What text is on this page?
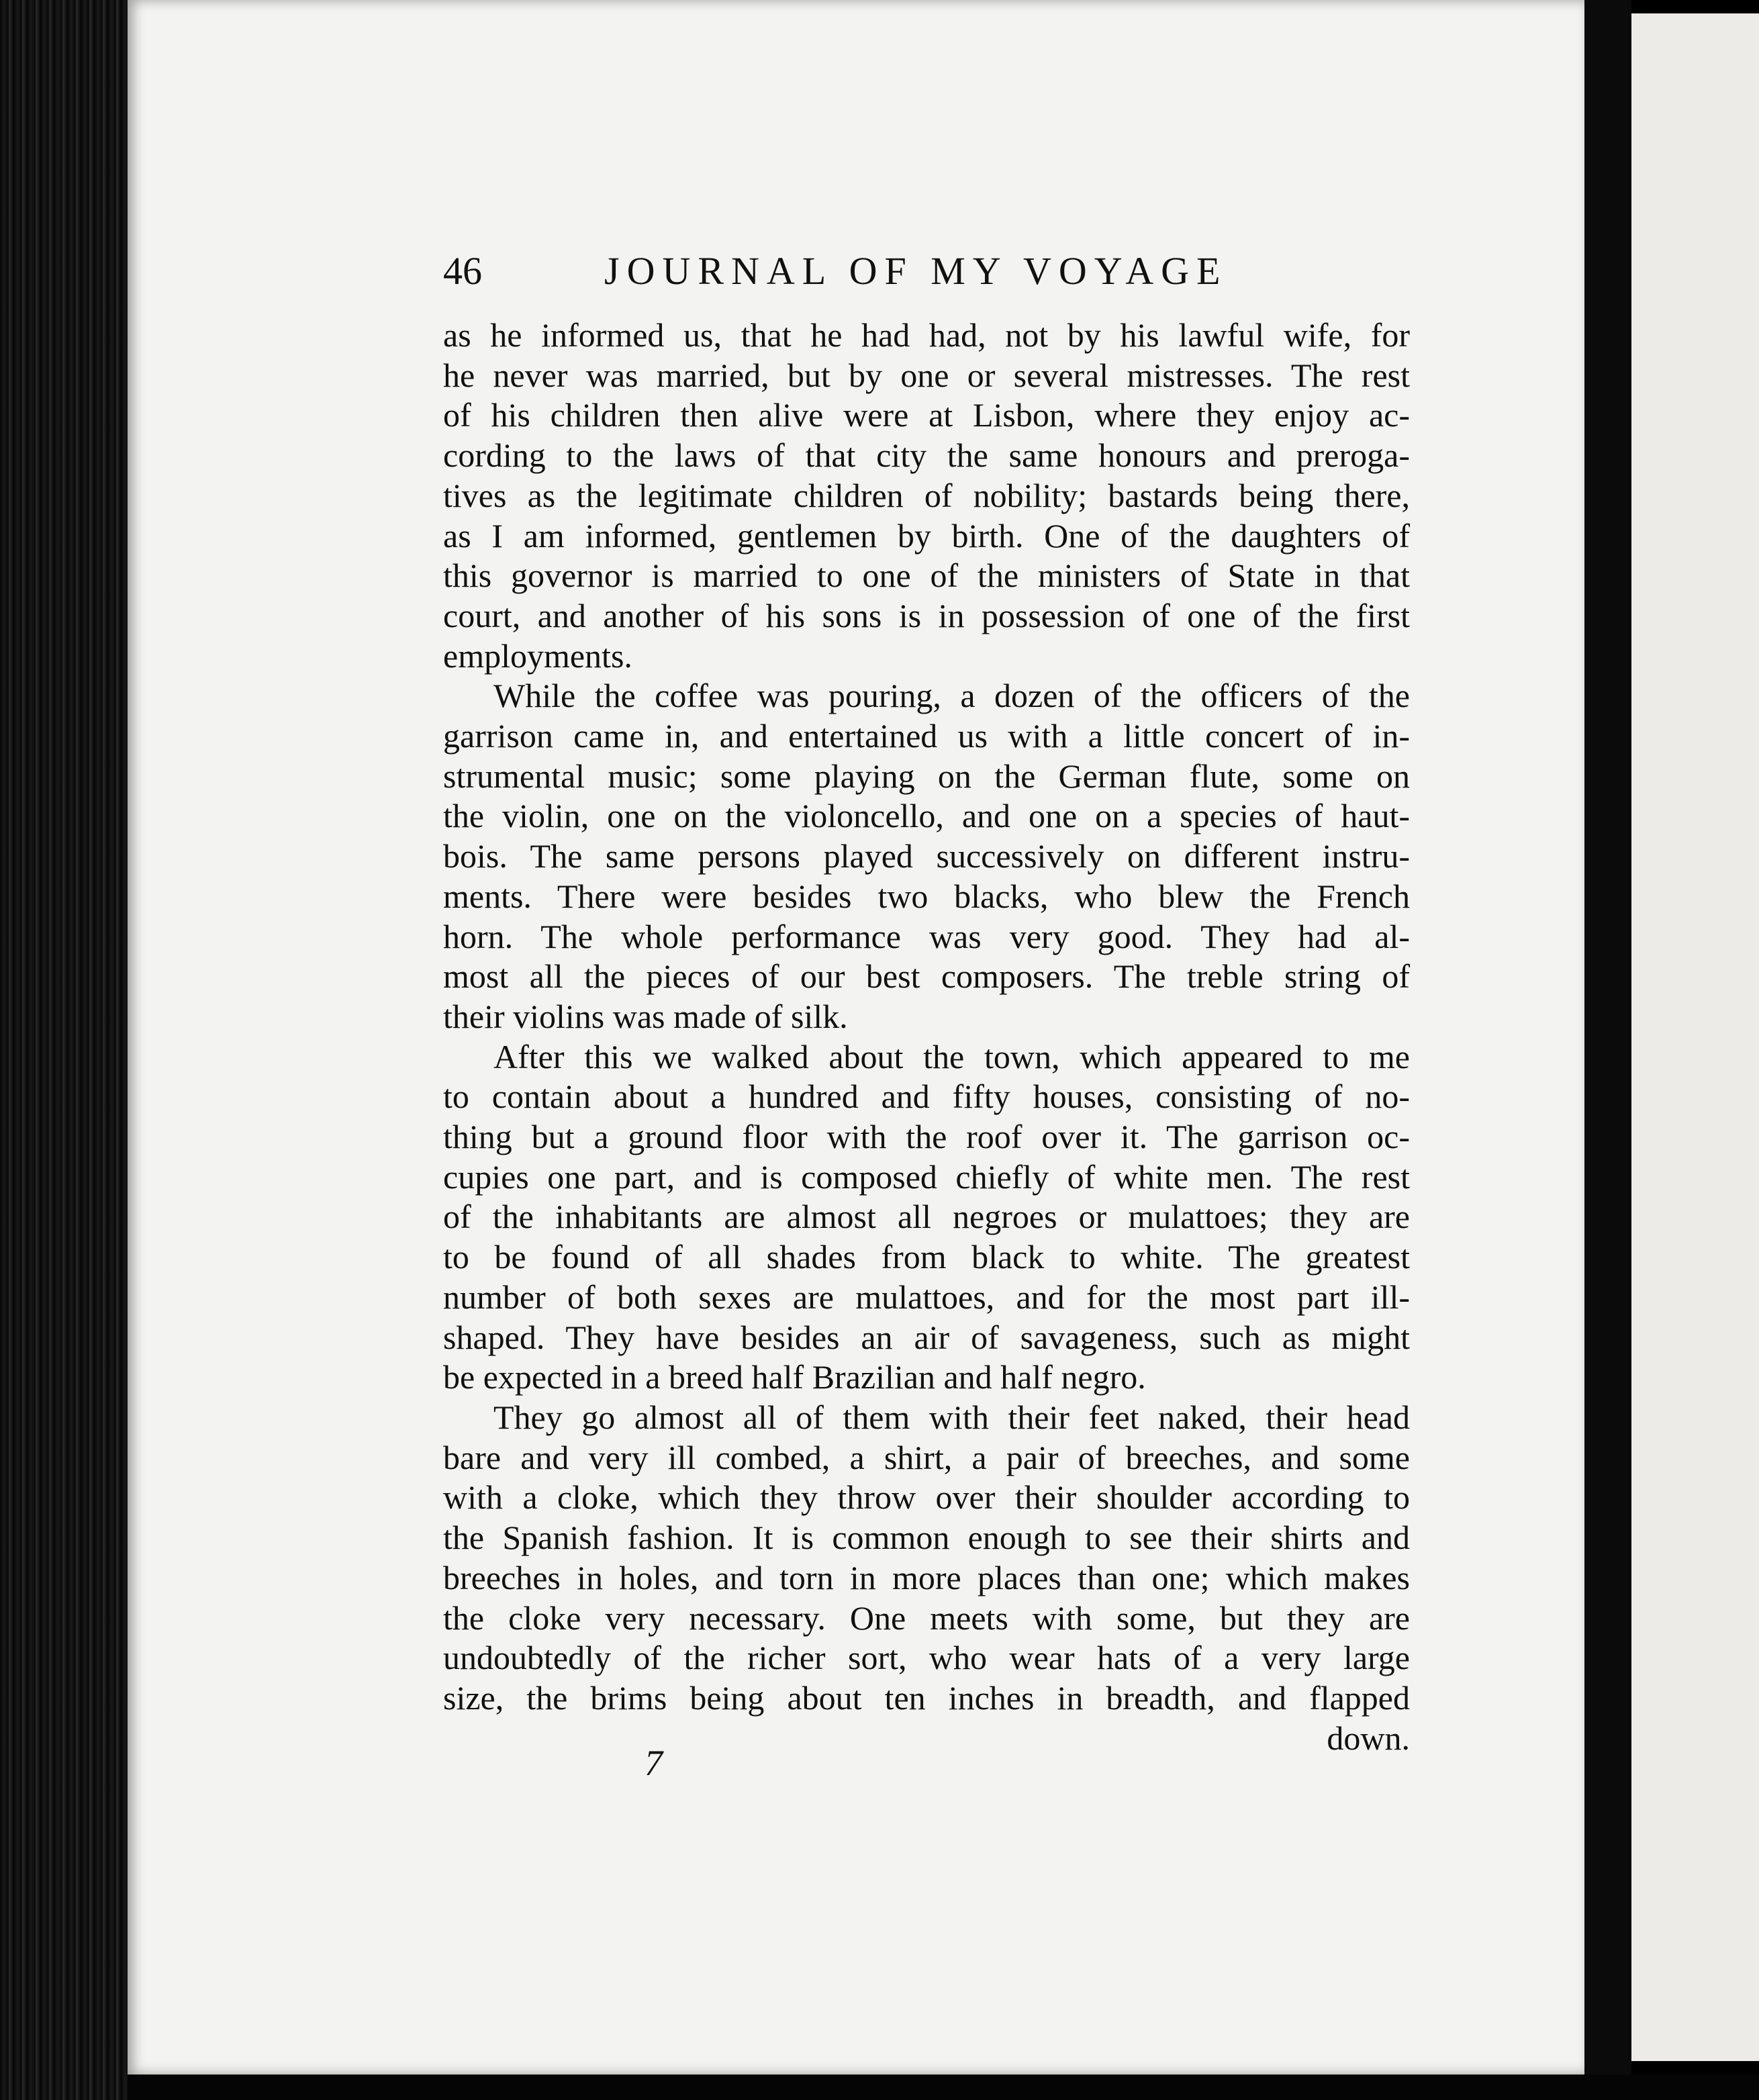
46	JOURNAL OF MY VOYAGE
as he informed us, that he had had, not by his lawful wife, for
he never was married, but by one or several mistresses. The rest
of his children then alive were at Lisbon, where they enjoy ac-
cording to the laws of that city the same honours and preroga-
tives as the legitimate children of nobility; bastards being there,
as I am informed, gentlemen by birth. One of the daughters of
this governor is married to one of the ministers of State in that
court, and another of his sons is in possession of one of the first
employments.
While the coffee was pouring, a dozen of the officers of the
garrison came in, and entertained us with a little concert of in-
strumental music; some playing on the German flute, some on
the violin, one on the violoncello, and one on a species of haut-
bois. The same persons played successively on different instru-
ments. There were besides two blacks, who blew the French
horn. The whole performance was very good. They had al-
most all the pieces of our best composers. The treble string of
their violins was made of silk.
After this we walked about the town, which appeared to me
to contain about a hundred and fifty houses, consisting of no-
thing but a ground floor with the roof over it. The garrison oc-
cupies one part, and is composed chiefly of white men. The rest
of the inhabitants are almost all negroes or mulattoes; they are
to be found of all shades from black to white. The greatest
number of both sexes are mulattoes, and for the most part ill-
shaped. They have besides an air of savageness, such as might
be expected in a breed half Brazilian and half negro.
They go almost all of them with their feet naked, their head
bare and very ill combed, a shirt, a pair of breeches, and some
with a cloke, which they throw over their shoulder according to
the Spanish fashion. It is common enough to see their shirts and
breeches in holes, and torn in more places than one; which makes
the cloke very necessary. One meets with some, but they are
undoubtedly of the richer sort, who wear hats of a very large
size, the brims being about ten inches in breadth, and flapped
down.
7
